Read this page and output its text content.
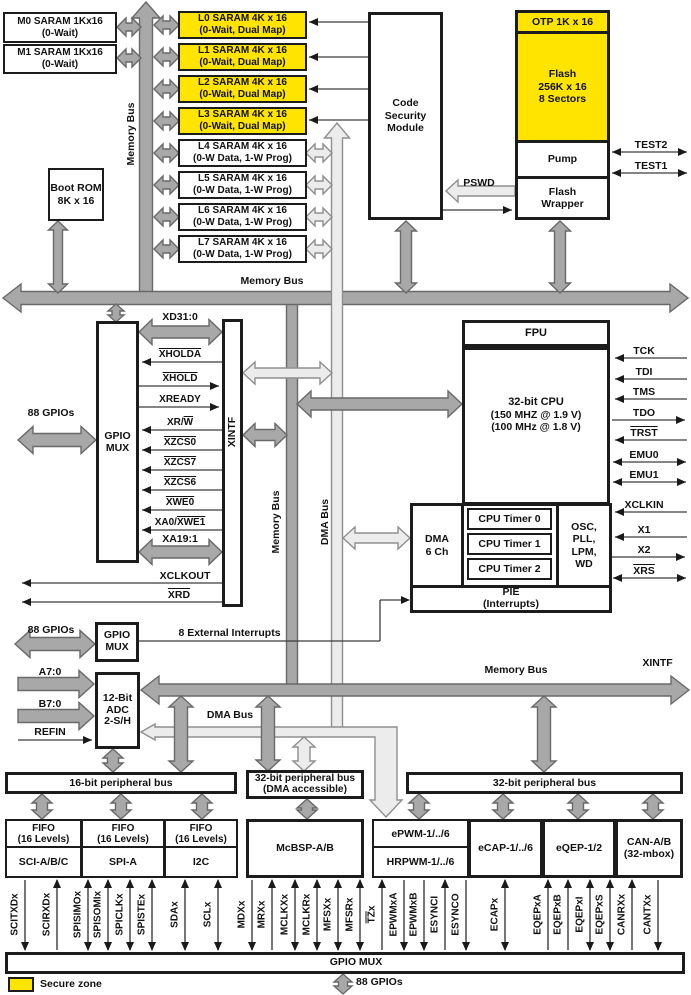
M0 SARAM 1Kx16
(0-Wait)
M1 SARAM 1Kx16
(0-Wait)
Boot ROM
8K x 16
L0 SARAM 4K x 16
(0-Wait, Dual Map)
L1 SARAM 4K x 16
(0-Wait, Dual Map)
L2 SARAM 4K x 16
(0-Wait, Dual Map)
L3 SARAM 4K x 16
(0-Wait, Dual Map)
L4 SARAM 4K x 16
(0-W Data, 1-W Prog)
L5 SARAM 4K x 16
(0-W Data, 1-W Prog)
L6 SARAM 4K x 16
(0-W Data, 1-W Prog)
L7 SARAM 4K x 16
(0-W Data, 1-W Prog)
Code
Security
Module
OTP 1K x 16
Flash
256K x 16
8 Sectors
Pump
Flash
Wrapper
TEST2
TEST1
PSWD
Memory Bus
Memory Bus
Memory Bus	DMA Bus
Memory Bus
XINTF
DMA Bus
8 External Interrupts
GPIO
MUX
XINTF
88 GPIOs
88 GPIOs
XD31:0
XHOLDA
XHOLD
XREADY
$XR/\overline{W}$
XZCS0
XZCS7
XZCS6
XWE0
XA0/XWE1
XA19:1
XCLKOUT
$\overline{XRD}$
FPU
32-bit CPU
(150 MHZ @ 1.9 V)
(100 MHz @ 1.8 V)
DMA
6 Ch
OSC,
PLL,
LPM,
WD
CPU Timer 0
CPU Timer 1
CPU Timer 2
PIE
(Interrupts)
TCK
TDI
TMS
TDO
TRST
EMU0
EMU1
XCLKIN
X1
X2
$\overline{XRS}$
GPIO
MUX
12-Bit
ADC
2-S/H
A7:0
B7:0
REFIN
16-bit peripheral bus	32-bit peripheral bus
(DMA accessible)
32-bit peripheral bus
FIFO
(16 Levels)
SCI-A/B/C
FIFO
(16 Levels)
SPI-A
FIFO
(16 Levels)
I2C
McBSP-A/B
ePWM-1/../6
HRPWM-1/../6
eCAP-1/../6 eQEP-1/2
CAN-A/B
(32-mbox)
SCITXDx SCIRXDx SPISIMOx SPISOMIx SPICLKx SPISTEx SDAx SCLx MDXx MRXx MCLKXx MCLKRx MFSXx MFSRx $\overline{TZ}x$ EPWMxA EPWMxB ESYNCI ESYNCO	ECAPx	EQEPxA EQEPxB EQEPxI EQEPxS CANRXx CANTXx
GPIO MUX
88 GPIOs
Secure zone
